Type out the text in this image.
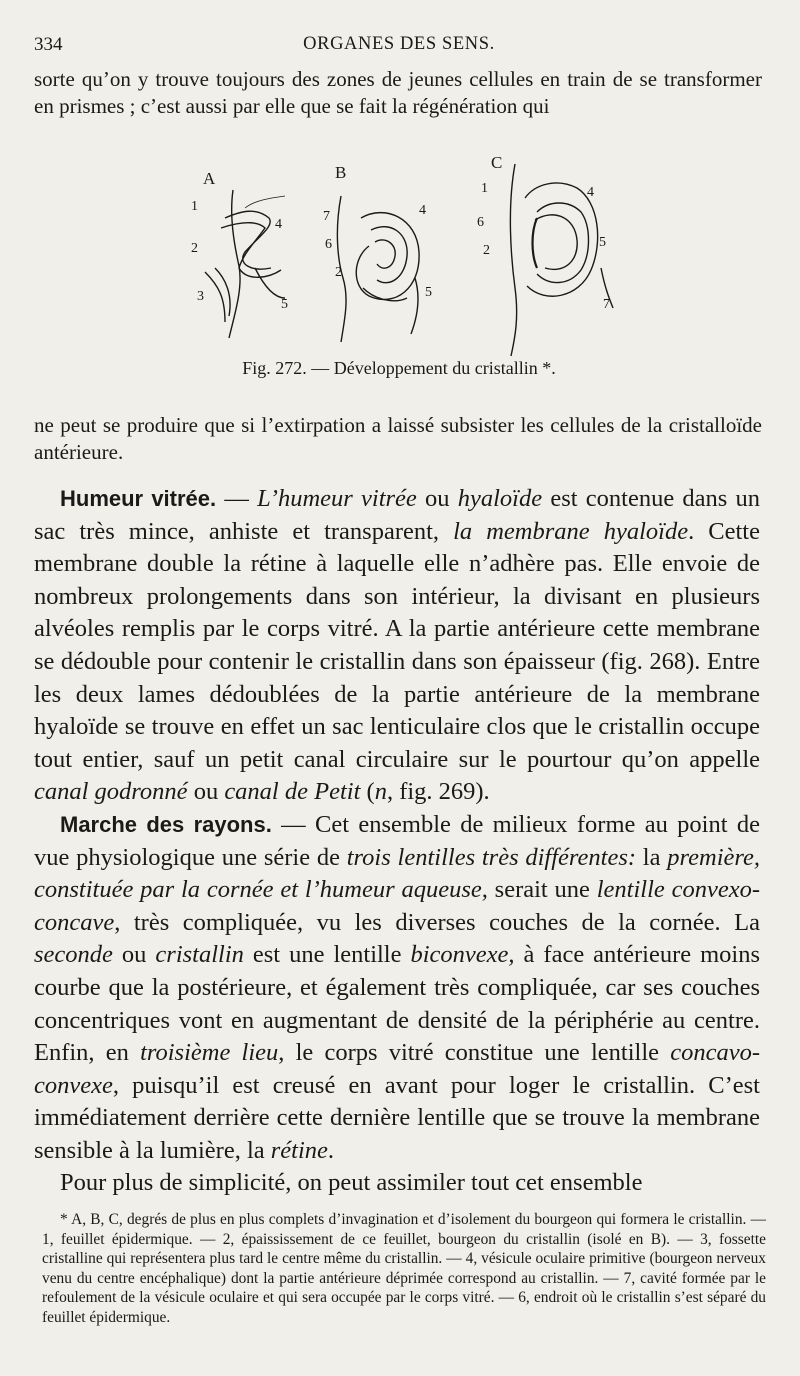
334	ORGANES DES SENS.
sorte qu’on y trouve toujours des zones de jeunes cellules en train de se transformer en prismes ; c’est aussi par elle que se fait la régénération qui
A	B
C
1
4
2
3
5
7	4
6
2
5
1	4
6
2
5
7
Fig. 272. — Développement du cristallin *.
ne peut se produire que si l’extirpation a laissé subsister les cellules de la cristalloïde antérieure.

Humeur vitrée. — L’humeur vitrée ou hyaloïde est contenue dans un sac très mince, anhiste et transparent, la membrane hyaloïde. Cette membrane double la rétine à laquelle elle n’adhère pas. Elle envoie de nombreux prolongements dans son intérieur, la divisant en plusieurs alvéoles remplis par le corps vitré. A la partie antérieure cette membrane se dédouble pour contenir le cristallin dans son épaisseur (fig. 268). Entre les deux lames dédoublées de la partie antérieure de la membrane hyaloïde se trouve en effet un sac lenticulaire clos que le cristallin occupe tout entier, sauf un petit canal circulaire sur le pourtour qu’on appelle canal godronné ou canal de Petit (n, fig. 269).

Marche des rayons. — Cet ensemble de milieux forme au point de vue physiologique une série de trois lentilles très différentes: la première, constituée par la cornée et l’humeur aqueuse, serait une lentille convexo-concave, très compliquée, vu les diverses couches de la cornée. La seconde ou cristallin est une lentille biconvexe, à face antérieure moins courbe que la postérieure, et également très compliquée, car ses couches concentriques vont en augmentant de densité de la périphérie au centre. Enfin, en troisième lieu, le corps vitré constitue une lentille concavo-convexe, puisqu’il est creusé en avant pour loger le cristallin. C’est immédiatement derrière cette dernière lentille que se trouve la membrane sensible à la lumière, la rétine.

Pour plus de simplicité, on peut assimiler tout cet ensemble

* A, B, C, degrés de plus en plus complets d’invagination et d’isolement du bourgeon qui formera le cristallin. — 1, feuillet épidermique. — 2, épaississement de ce feuillet, bourgeon du cristallin (isolé en B). — 3, fossette cristalline qui représentera plus tard le centre même du cristallin. — 4, vésicule oculaire primitive (bourgeon nerveux venu du centre encéphalique) dont la partie antérieure déprimée correspond au cristallin. — 7, cavité formée par le refoulement de la vésicule oculaire et qui sera occupée par le corps vitré. — 6, endroit où le cristallin s’est séparé du feuillet épidermique.
